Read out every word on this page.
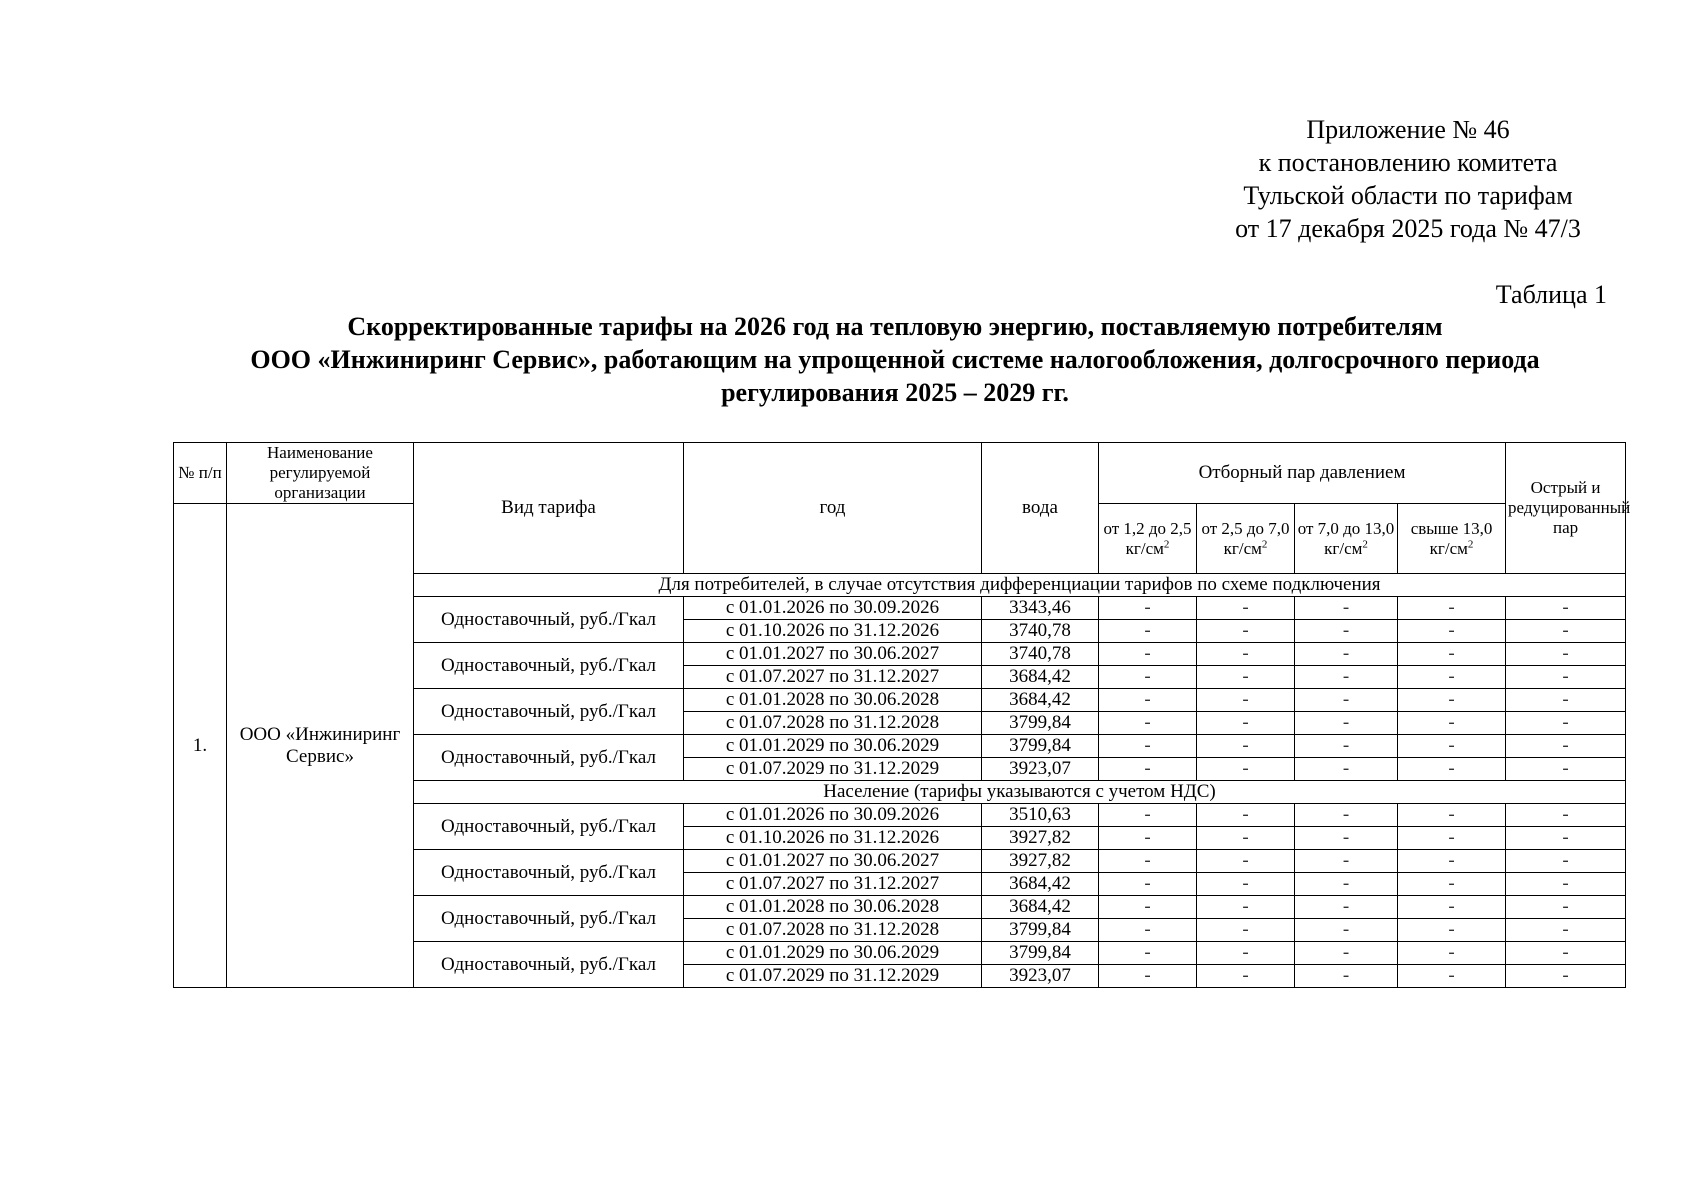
Приложение № 46
к постановлению комитета
Тульской области по тарифам
от 17 декабря 2025 года № 47/3
Таблица 1
Скорректированные тарифы на 2026 год на тепловую энергию, поставляемую потребителям
ООО «Инжиниринг Сервис», работающим на упрощенной системе налогообложения, долгосрочного периода
регулирования 2025 – 2029 гг.
№ п/п	Наименование регулируемой организации	Вид тарифа	год	вода	Отборный пар давлением				Острый и редуцированный пар
1.	ООО «Инжиниринг Сервис»				от 1,2 до 2,5 $кг/см^2$	от 2,5 до 7,0 $кг/см^2$	от 7,0 до 13,0 $кг/см^2$	свыше 13,0 $кг/см^2$
		Для потребителей, в случае отсутствия дифференциации тарифов по схеме подключения							
		Одноставочный, руб./Гкал	с 01.01.2026 по 30.09.2026	3343,46	-	-	-	-	-
			с 01.10.2026 по 31.12.2026	3740,78	-	-	-	-	-
		Одноставочный, руб./Гкал	с 01.01.2027 по 30.06.2027	3740,78	-	-	-	-	-
			с 01.07.2027 по 31.12.2027	3684,42	-	-	-	-	-
		Одноставочный, руб./Гкал	с 01.01.2028 по 30.06.2028	3684,42	-	-	-	-	-
			с 01.07.2028 по 31.12.2028	3799,84	-	-	-	-	-
		Одноставочный, руб./Гкал	с 01.01.2029 по 30.06.2029	3799,84	-	-	-	-	-
			с 01.07.2029 по 31.12.2029	3923,07	-	-	-	-	-
		Население (тарифы указываются с учетом НДС)							
		Одноставочный, руб./Гкал	с 01.01.2026 по 30.09.2026	3510,63	-	-	-	-	-
			с 01.10.2026 по 31.12.2026	3927,82	-	-	-	-	-
		Одноставочный, руб./Гкал	с 01.01.2027 по 30.06.2027	3927,82	-	-	-	-	-
			с 01.07.2027 по 31.12.2027	3684,42	-	-	-	-	-
		Одноставочный, руб./Гкал	с 01.01.2028 по 30.06.2028	3684,42	-	-	-	-	-
			с 01.07.2028 по 31.12.2028	3799,84	-	-	-	-	-
		Одноставочный, руб./Гкал	с 01.01.2029 по 30.06.2029	3799,84	-	-	-	-	-
			с 01.07.2029 по 31.12.2029	3923,07	-	-	-	-	-
